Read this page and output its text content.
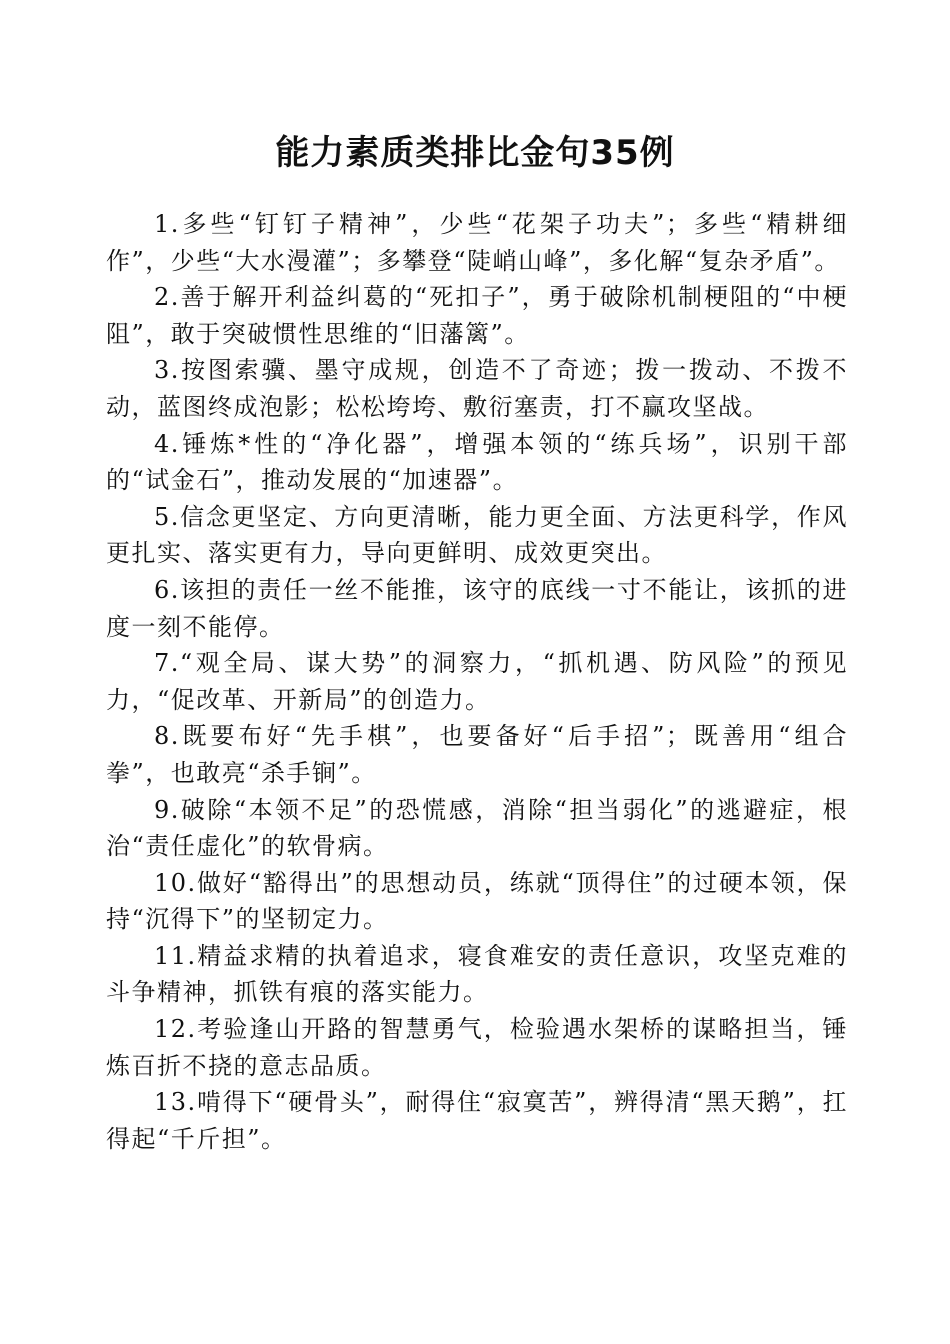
能力素质类排比金句35例

1.多些“钉钉子精神”，少些“花架子功夫”；多些“精耕细作”，少些“大水漫灌”；多攀登“陡峭山峰”，多化解“复杂矛盾”。

2.善于解开利益纠葛的“死扣子”，勇于破除机制梗阻的“中梗阻”，敢于突破惯性思维的“旧藩篱”。

3.按图索骥、墨守成规，创造不了奇迹；拨一拨动、不拨不动，蓝图终成泡影；松松垮垮、敷衍塞责，打不赢攻坚战。

4.锤炼*性的“净化器”，增强本领的“练兵场”，识别干部的“试金石”，推动发展的“加速器”。

5.信念更坚定、方向更清晰，能力更全面、方法更科学，作风更扎实、落实更有力，导向更鲜明、成效更突出。

6.该担的责任一丝不能推，该守的底线一寸不能让，该抓的进度一刻不能停。

7.“观全局、谋大势”的洞察力，“抓机遇、防风险”的预见力，“促改革、开新局”的创造力。

8.既要布好“先手棋”，也要备好“后手招”；既善用“组合拳”，也敢亮“杀手锏”。

9.破除“本领不足”的恐慌感，消除“担当弱化”的逃避症，根治“责任虚化”的软骨病。

10.做好“豁得出”的思想动员，练就“顶得住”的过硬本领，保持“沉得下”的坚韧定力。

11.精益求精的执着追求，寝食难安的责任意识，攻坚克难的斗争精神，抓铁有痕的落实能力。

12.考验逢山开路的智慧勇气，检验遇水架桥的谋略担当，锤炼百折不挠的意志品质。

13.啃得下“硬骨头”，耐得住“寂寞苦”，辨得清“黑天鹅”，扛得起“千斤担”。
